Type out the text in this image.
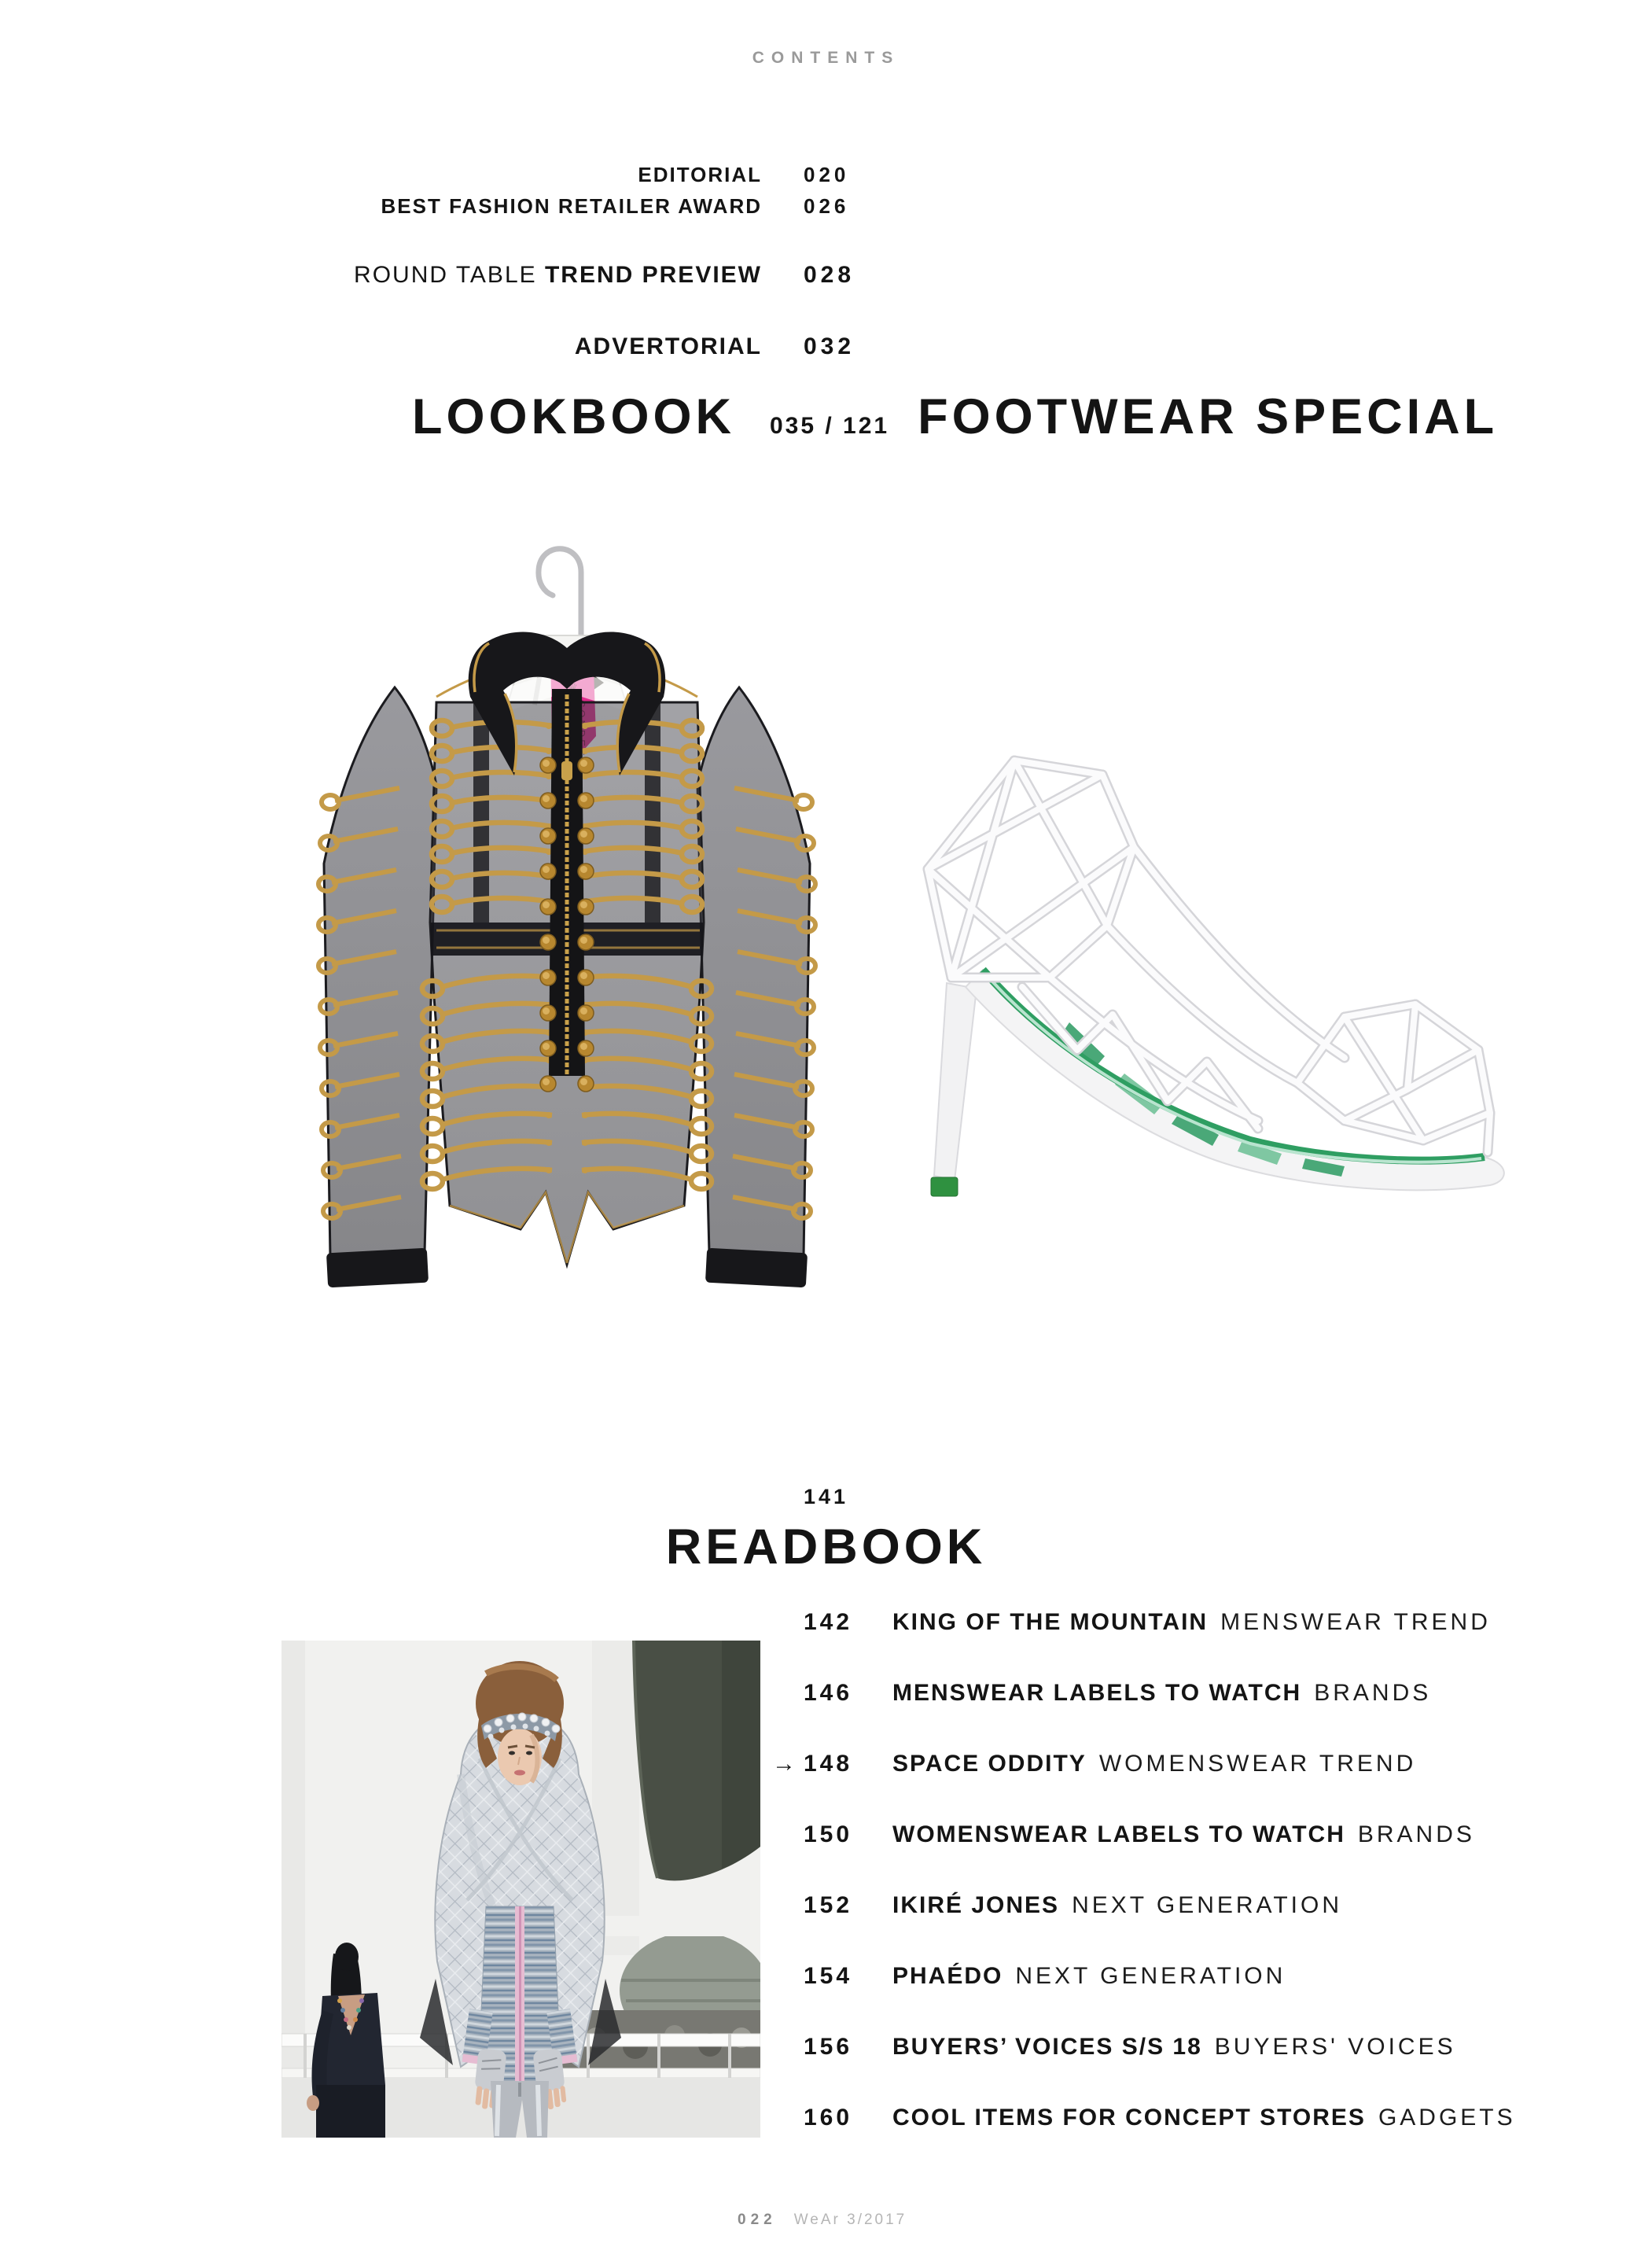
CONTENTS
EDITORIAL 020
BEST FASHION RETAILER AWARD 026
ROUND TABLE TREND PREVIEW 028
ADVERTORIAL 032
LOOKBOOK 035 / 121 FOOTWEAR SPECIAL
141
READBOOK
142 KING OF THE MOUNTAIN MENSWEAR TREND
146 MENSWEAR LABELS TO WATCH BRANDS
→ 148 SPACE ODDITY WOMENSWEAR TREND
150 WOMENSWEAR LABELS TO WATCH BRANDS
152 IKIRÉ JONES NEXT GENERATION
154 PHAÉDO NEXT GENERATION
156 BUYERS’ VOICES S/S 18 BUYERS' VOICES
160 COOL ITEMS FOR CONCEPT STORES GADGETS
022 WeAr 3/2017
